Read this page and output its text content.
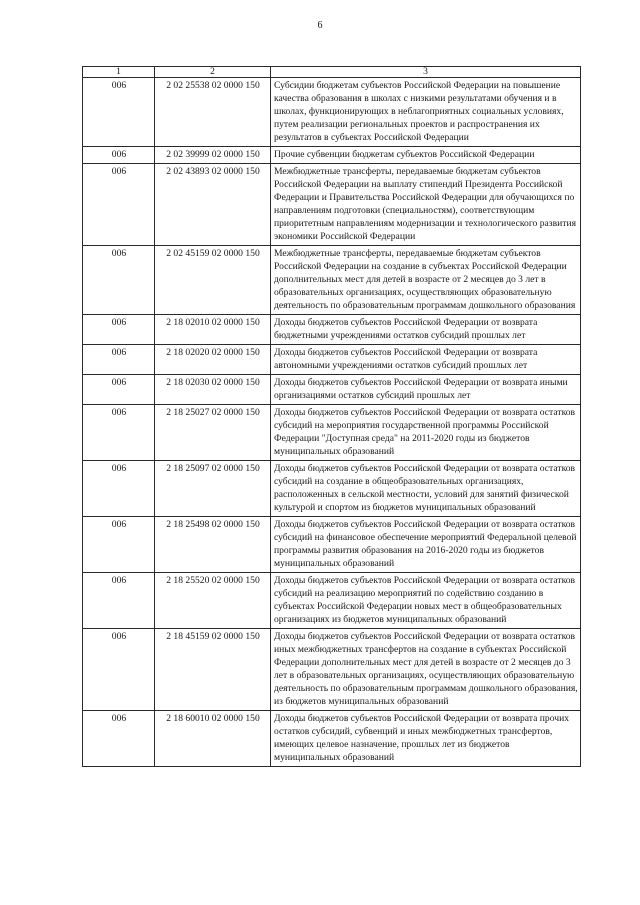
6
1	2	3
006	2 02 25538 02 0000 150	Субсидии бюджетам субъектов Российской Федерации на повышение качества образования в школах с низкими результатами обучения и в школах, функционирующих в неблагоприятных социальных условиях, путем реализации региональных проектов и распространения их результатов в субъектах Российской Федерации
006	2 02 39999 02 0000 150	Прочие субвенции бюджетам субъектов Российской Федерации
006	2 02 43893 02 0000 150	Межбюджетные трансферты, передаваемые бюджетам субъектов Российской Федерации на выплату стипендий Президента Российской Федерации и Правительства Российской Федерации для обучающихся по направлениям подготовки (специальностям), соответствующим приоритетным направлениям модернизации и технологического развития экономики Российской Федерации
006	2 02 45159 02 0000 150	Межбюджетные трансферты, передаваемые бюджетам субъектов Российской Федерации на создание в субъектах Российской Федерации дополнительных мест для детей в возрасте от 2 месяцев до 3 лет в образовательных организациях, осуществляющих образовательную деятельность по образовательным программам дошкольного образования
006	2 18 02010 02 0000 150	Доходы бюджетов субъектов Российской Федерации от возврата бюджетными учреждениями остатков субсидий прошлых лет
006	2 18 02020 02 0000 150	Доходы бюджетов субъектов Российской Федерации от возврата автономными учреждениями остатков субсидий прошлых лет
006	2 18 02030 02 0000 150	Доходы бюджетов субъектов Российской Федерации от возврата иными организациями остатков субсидий прошлых лет
006	2 18 25027 02 0000 150	Доходы бюджетов субъектов Российской Федерации от возврата остатков субсидий на мероприятия государственной программы Российской Федерации "Доступная среда" на 2011-2020 годы из бюджетов муниципальных образований
006	2 18 25097 02 0000 150	Доходы бюджетов субъектов Российской Федерации от возврата остатков субсидий на создание в общеобразовательных организациях, расположенных в сельской местности, условий для занятий физической культурой и спортом из бюджетов муниципальных образований
006	2 18 25498 02 0000 150	Доходы бюджетов субъектов Российской Федерации от возврата остатков субсидий на финансовое обеспечение мероприятий Федеральной целевой программы развития образования на 2016-2020 годы из бюджетов муниципальных образований
006	2 18 25520 02 0000 150	Доходы бюджетов субъектов Российской Федерации от возврата остатков субсидий на реализацию мероприятий по содействию созданию в субъектах Российской Федерации новых мест в общеобразовательных организациях из бюджетов муниципальных образований
006	2 18 45159 02 0000 150	Доходы бюджетов субъектов Российской Федерации от возврата остатков иных межбюджетных трансфертов на создание в субъектах Российской Федерации дополнительных мест для детей в возрасте от 2 месяцев до 3 лет в образовательных организациях, осуществляющих образовательную деятельность по образовательным программам дошкольного образования, из бюджетов муниципальных образований
006	2 18 60010 02 0000 150	Доходы бюджетов субъектов Российской Федерации от возврата прочих остатков субсидий, субвенций и иных межбюджетных трансфертов, имеющих целевое назначение, прошлых лет из бюджетов муниципальных образований
